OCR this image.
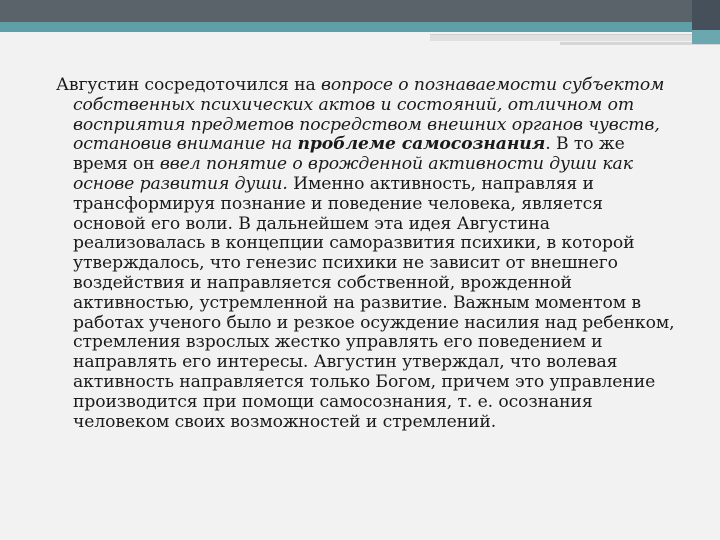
Августин сосредоточился на вопросе о познаваемости субъектом собственных психических актов и состояний, отличном от восприятия предметов посредством внешних органов чувств, остановив внимание на проблеме самосознания. В то же время он ввел понятие о врожденной активности души как основе развития души. Именно активность, направляя и трансформируя познание и поведение человека, является основой его воли. В дальнейшем эта идея Августина реализовалась в концепции саморазвития психики, в которой утверждалось, что генезис психики не зависит от внешнего воздействия и направляется собственной, врожденной активностью, устремленной на развитие. Важным моментом в работах ученого было и резкое осуждение насилия над ребенком, стремления взрослых жестко управлять его поведением и направлять его интересы. Августин утверждал, что волевая активность направляется только Богом, причем это управление производится при помощи самосознания, т. е. осознания человеком своих возможностей и стремлений.
